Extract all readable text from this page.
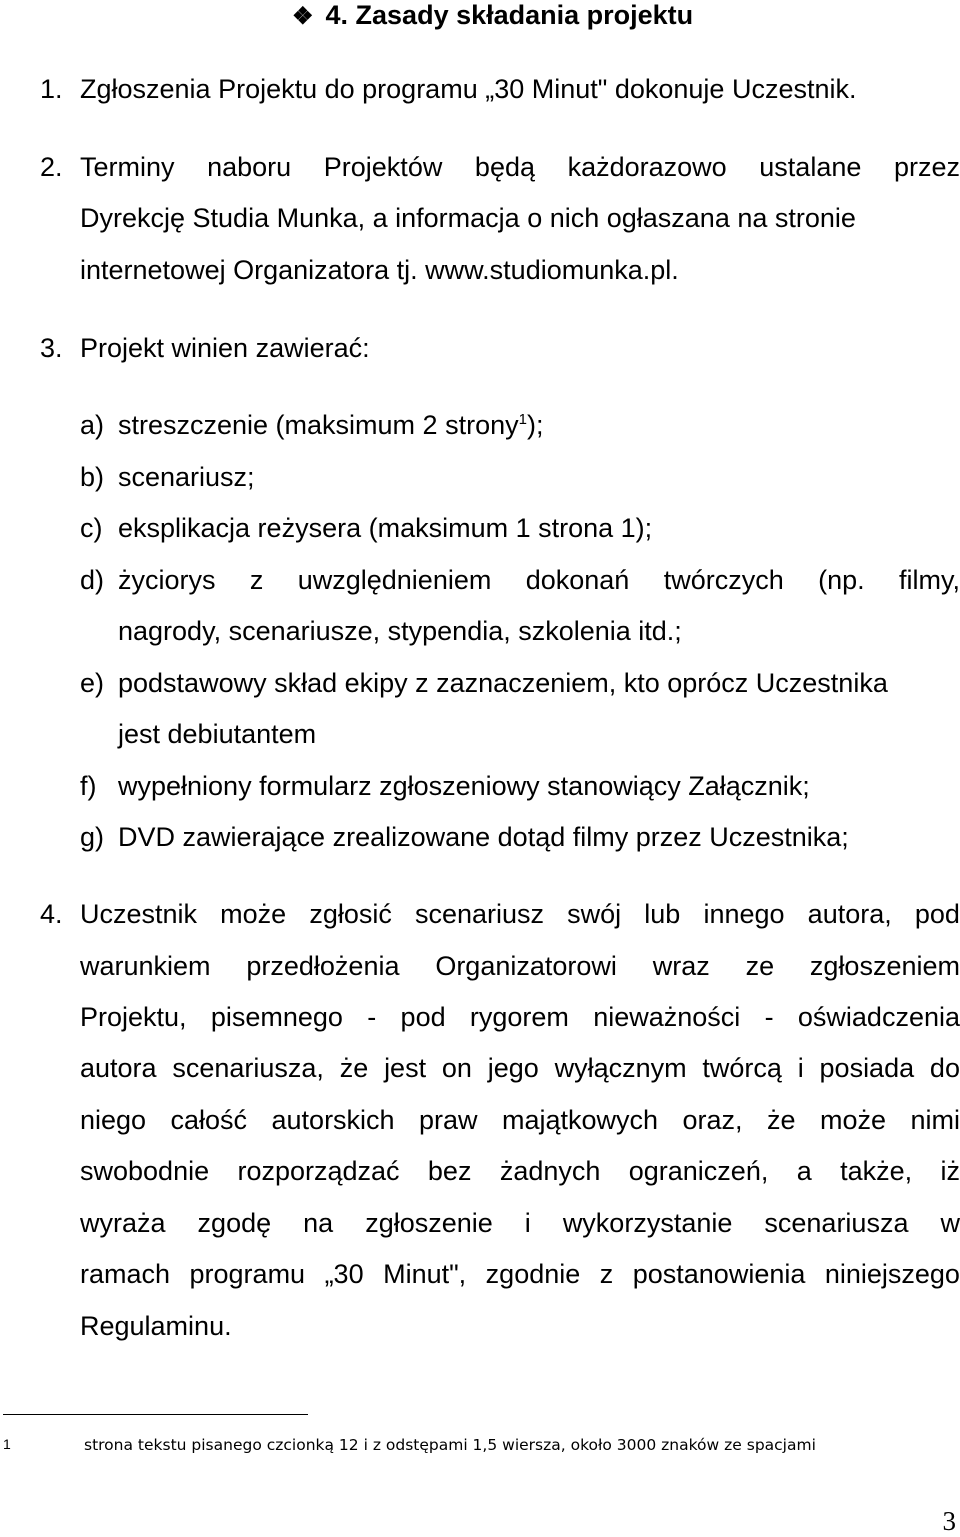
❖ 4. Zasady składania projektu
1. Zgłoszenia Projektu do programu „30 Minut" dokonuje Uczestnik.
2. Terminy naboru Projektów będą każdorazowo ustalane przez
Dyrekcję Studia Munka, a informacja o nich ogłaszana na stronie
internetowej Organizatora tj. www.studiomunka.pl.
3. Projekt winien zawierać:
a) streszczenie (maksimum 2 strony$^1$);
b) scenariusz;
c) eksplikacja reżysera (maksimum 1 strona 1);
d) życiorys z uwzględnieniem dokonań twórczych (np. filmy,
nagrody, scenariusze, stypendia, szkolenia itd.;
e) podstawowy skład ekipy z zaznaczeniem, kto oprócz Uczestnika
jest debiutantem
f) wypełniony formularz zgłoszeniowy stanowiący Załącznik;
g) DVD zawierające zrealizowane dotąd filmy przez Uczestnika;
4. Uczestnik może zgłosić scenariusz swój lub innego autora, pod
warunkiem przedłożenia Organizatorowi wraz ze zgłoszeniem
Projektu, pisemnego - pod rygorem nieważności - oświadczenia
autora scenariusza, że jest on jego wyłącznym twórcą i posiada do
niego całość autorskich praw majątkowych oraz, że może nimi
swobodnie rozporządzać bez żadnych ograniczeń, a także, iż
wyraża zgodę na zgłoszenie i wykorzystanie scenariusza w
ramach programu „30 Minut", zgodnie z postanowienia niniejszego
Regulaminu.
1	strona tekstu pisanego czcionką 12 i z odstępami 1,5 wiersza, około 3000 znaków ze spacjami
3
